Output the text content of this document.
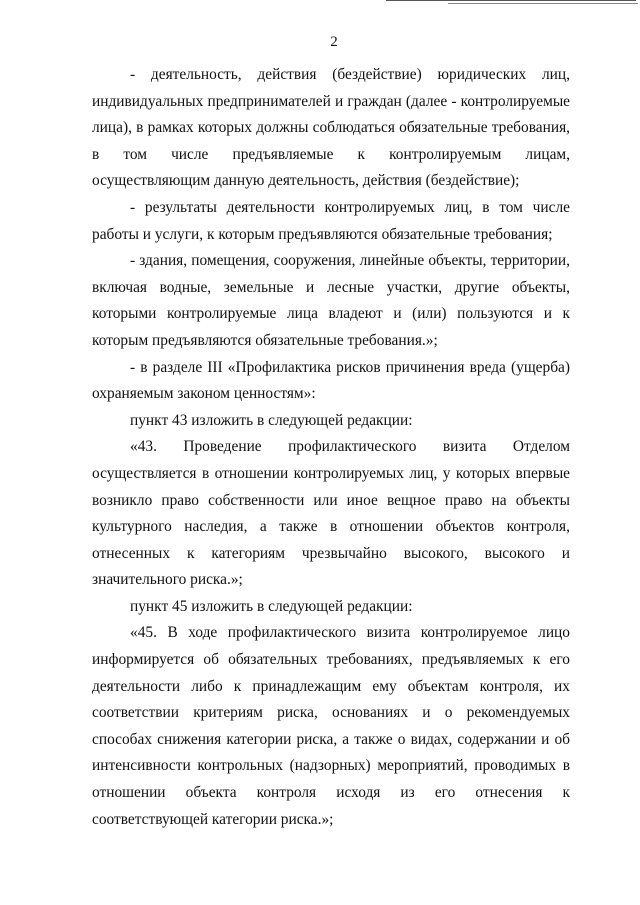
2

- деятельность, действия (бездействие) юридических лиц, индивидуальных предпринимателей и граждан (далее - контролируемые лица), в рамках которых должны соблюдаться обязательные требования, в том числе предъявляемые к контролируемым лицам, осуществляющим данную деятельность, действия (бездействие);

- результаты деятельности контролируемых лиц, в том числе работы и услуги, к которым предъявляются обязательные требования;

- здания, помещения, сооружения, линейные объекты, территории, включая водные, земельные и лесные участки, другие объекты, которыми контролируемые лица владеют и (или) пользуются и к которым предъявляются обязательные требования.»;

- в разделе III «Профилактика рисков причинения вреда (ущерба) охраняемым законом ценностям»:

пункт 43 изложить в следующей редакции:

«43. Проведение профилактического визита Отделом осуществляется в отношении контролируемых лиц, у которых впервые возникло право собственности или иное вещное право на объекты культурного наследия, а также в отношении объектов контроля, отнесенных к категориям чрезвычайно высокого, высокого и значительного риска.»;

пункт 45 изложить в следующей редакции:

«45. В ходе профилактического визита контролируемое лицо информируется об обязательных требованиях, предъявляемых к его деятельности либо к принадлежащим ему объектам контроля, их соответствии критериям риска, основаниях и о рекомендуемых способах снижения категории риска, а также о видах, содержании и об интенсивности контрольных (надзорных) мероприятий, проводимых в отношении объекта контроля исходя из его отнесения к соответствующей категории риска.»;
